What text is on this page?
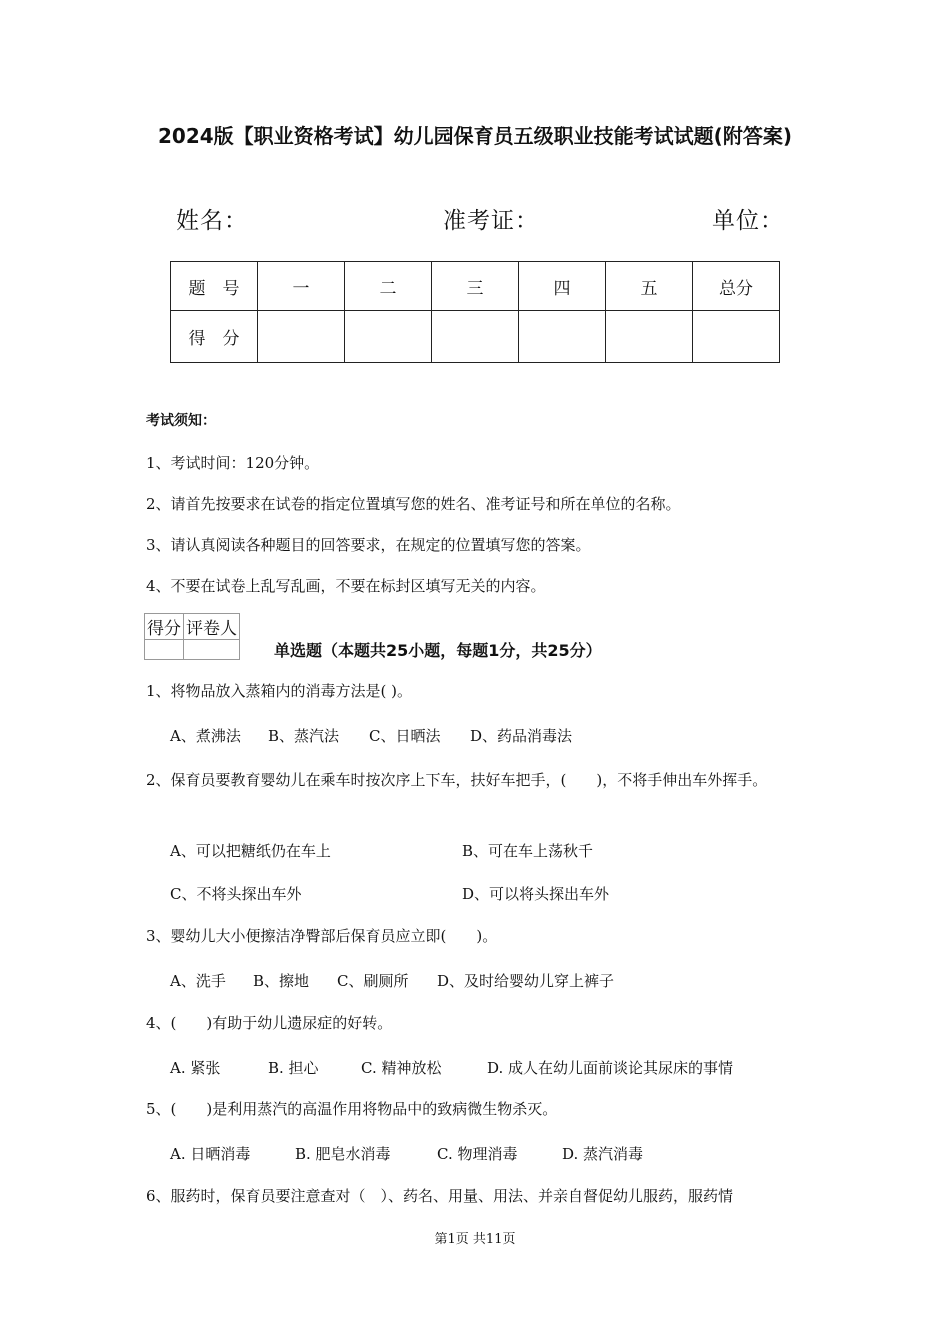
2024版【职业资格考试】幼儿园保育员五级职业技能考试试题(附答案)
姓名：	准考证：	单位：
题　号	一	二	三	四	五	总分
得　分						
考试须知：
1、考试时间：120分钟。
2、请首先按要求在试卷的指定位置填写您的姓名、准考证号和所在单位的名称。
3、请认真阅读各种题目的回答要求，在规定的位置填写您的答案。
4、不要在试卷上乱写乱画，不要在标封区填写无关的内容。
得分	评卷人

单选题（本题共25小题，每题1分，共25分）
1、将物品放入蒸箱内的消毒方法是( )。
A、煮沸法 B、蒸汽法 C、日晒法 D、药品消毒法
2、保育员要教育婴幼儿在乘车时按次序上下车，扶好车把手，(　　)，不将手伸出车外挥手。
A、可以把糖纸仍在车上	B、可在车上荡秋千
C、不将头探出车外	D、可以将头探出车外
3、婴幼儿大小便擦洁净臀部后保育员应立即(　　)。
A、洗手 B、擦地 C、刷厕所 D、及时给婴幼儿穿上裤子
4、(　　)有助于幼儿遗尿症的好转。
A. 紧张	B. 担心	C. 精神放松	D. 成人在幼儿面前谈论其尿床的事情
5、(　　)是利用蒸汽的高温作用将物品中的致病微生物杀灭。
A. 日晒消毒	B. 肥皂水消毒	C. 物理消毒	D. 蒸汽消毒
6、服药时，保育员要注意查对（　）、药名、用量、用法、并亲自督促幼儿服药，服药情
第1页 共11页
